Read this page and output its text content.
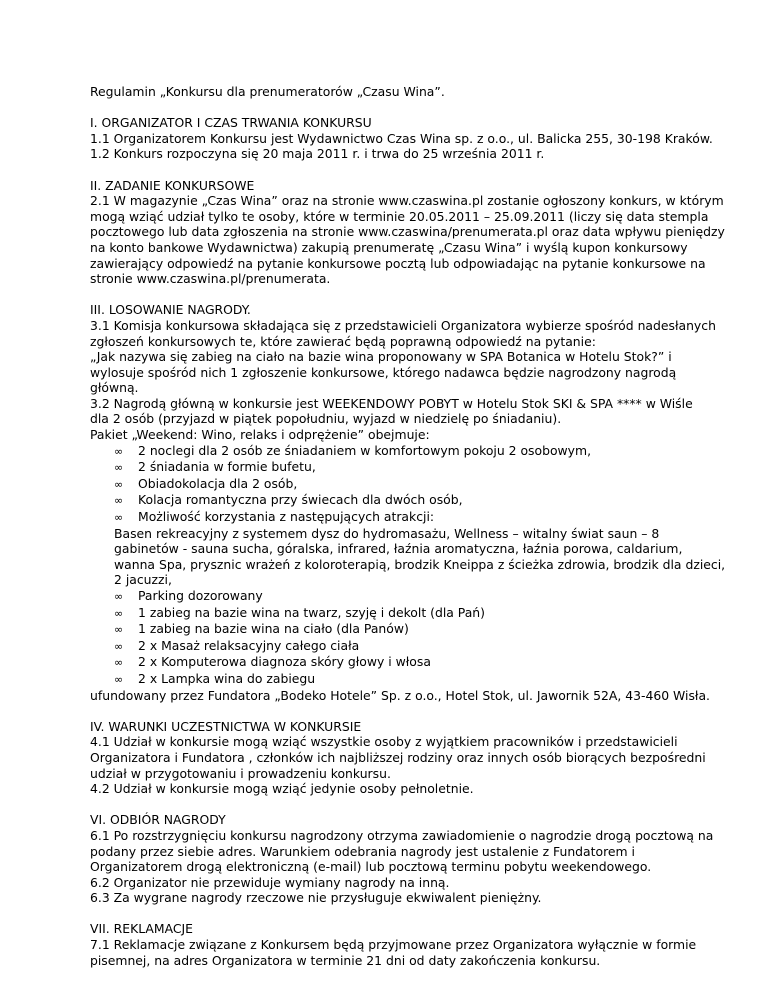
Regulamin „Konkursu dla prenumeratorów „Czasu Wina”.
I. ORGANIZATOR I CZAS TRWANIA KONKURSU
1.1 Organizatorem Konkursu jest Wydawnictwo Czas Wina sp. z o.o., ul. Balicka 255, 30-198 Kraków.
1.2 Konkurs rozpoczyna się 20 maja 2011 r. i trwa do 25 września 2011 r.
II. ZADANIE KONKURSOWE
2.1 W magazynie „Czas Wina” oraz na stronie www.czaswina.pl zostanie ogłoszony konkurs, w którym
mogą wziąć udział tylko te osoby, które w terminie 20.05.2011 – 25.09.2011 (liczy się data stempla
pocztowego lub data zgłoszenia na stronie www.czaswina/prenumerata.pl oraz data wpływu pieniędzy
na konto bankowe Wydawnictwa) zakupią prenumeratę „Czasu Wina” i wyślą kupon konkursowy
zawierający odpowiedź na pytanie konkursowe pocztą lub odpowiadając na pytanie konkursowe na
stronie www.czaswina.pl/prenumerata.
III. LOSOWANIE NAGRODY.
3.1 Komisja konkursowa składająca się z przedstawicieli Organizatora wybierze spośród nadesłanych
zgłoszeń konkursowych te, które zawierać będą poprawną odpowiedź na pytanie:
„Jak nazywa się zabieg na ciało na bazie wina proponowany w SPA Botanica w Hotelu Stok?” i
wylosuje spośród nich 1 zgłoszenie konkursowe, którego nadawca będzie nagrodzony nagrodą
główną.
3.2 Nagrodą główną w konkursie jest WEEKENDOWY POBYT w Hotelu Stok SKI & SPA **** w Wiśle
dla 2 osób (przyjazd w piątek popołudniu, wyjazd w niedzielę po śniadaniu).
Pakiet „Weekend: Wino, relaks i odprężenie” obejmuje:
∞ 2 noclegi dla 2 osób ze śniadaniem w komfortowym pokoju 2 osobowym,
∞ 2 śniadania w formie bufetu,
∞ Obiadokolacja dla 2 osób,
∞ Kolacja romantyczna przy świecach dla dwóch osób,
∞ Możliwość korzystania z następujących atrakcji:
Basen rekreacyjny z systemem dysz do hydromasażu, Wellness – witalny świat saun – 8
gabinetów - sauna sucha, góralska, infrared, łaźnia aromatyczna, łaźnia porowa, caldarium,
wanna Spa, prysznic wrażeń z koloroterapią, brodzik Kneippa z ścieżka zdrowia, brodzik dla dzieci,
2 jacuzzi,
∞ Parking dozorowany
∞ 1 zabieg na bazie wina na twarz, szyję i dekolt (dla Pań)
∞ 1 zabieg na bazie wina na ciało (dla Panów)
∞ 2 x Masaż relaksacyjny całego ciała
∞ 2 x Komputerowa diagnoza skóry głowy i włosa
∞ 2 x Lampka wina do zabiegu
ufundowany przez Fundatora „Bodeko Hotele” Sp. z o.o., Hotel Stok, ul. Jawornik 52A, 43-460 Wisła.
IV. WARUNKI UCZESTNICTWA W KONKURSIE
4.1 Udział w konkursie mogą wziąć wszystkie osoby z wyjątkiem pracowników i przedstawicieli
Organizatora i Fundatora , członków ich najbliższej rodziny oraz innych osób biorących bezpośredni
udział w przygotowaniu i prowadzeniu konkursu.
4.2 Udział w konkursie mogą wziąć jedynie osoby pełnoletnie.
VI. ODBIÓR NAGRODY
6.1 Po rozstrzygnięciu konkursu nagrodzony otrzyma zawiadomienie o nagrodzie drogą pocztową na
podany przez siebie adres. Warunkiem odebrania nagrody jest ustalenie z Fundatorem i
Organizatorem drogą elektroniczną (e-mail) lub pocztową terminu pobytu weekendowego.
6.2 Organizator nie przewiduje wymiany nagrody na inną.
6.3 Za wygrane nagrody rzeczowe nie przysługuje ekwiwalent pieniężny.
VII. REKLAMACJE
7.1 Reklamacje związane z Konkursem będą przyjmowane przez Organizatora wyłącznie w formie
pisemnej, na adres Organizatora w terminie 21 dni od daty zakończenia konkursu.
